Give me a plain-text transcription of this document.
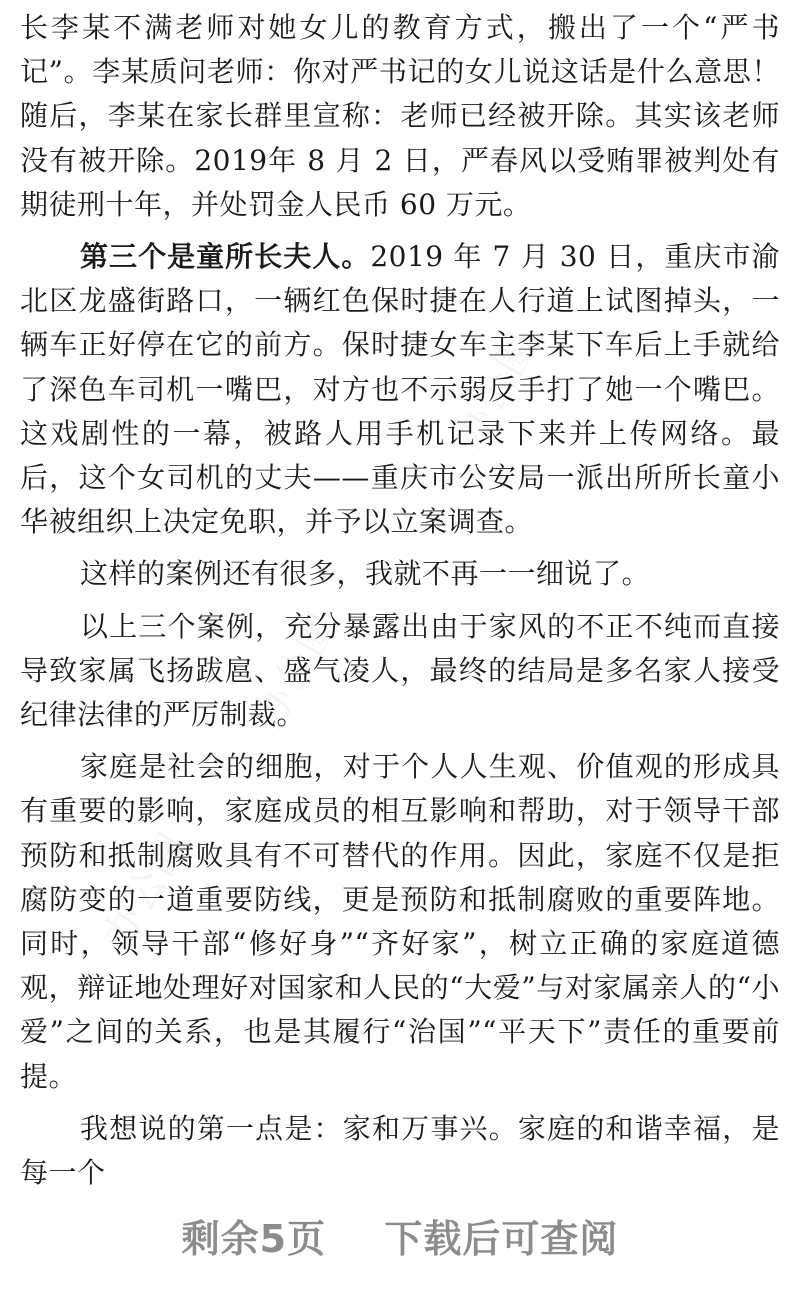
办公圈
办公圈
办公圈

长李某不满老师对她女儿的教育方式，搬出了一个“严书记”。李某质问老师：你对严书记的女儿说这话是什么意思！随后，李某在家长群里宣称：老师已经被开除。其实该老师没有被开除。2019年 8 月 2 日，严春风以受贿罪被判处有期徒刑十年，并处罚金人民币 60 万元。

第三个是童所长夫人。2019 年 7 月 30 日，重庆市渝北区龙盛街路口，一辆红色保时捷在人行道上试图掉头，一辆车正好停在它的前方。保时捷女车主李某下车后上手就给了深色车司机一嘴巴，对方也不示弱反手打了她一个嘴巴。这戏剧性的一幕，被路人用手机记录下来并上传网络。最后，这个女司机的丈夫——重庆市公安局一派出所所长童小华被组织上决定免职，并予以立案调查。

这样的案例还有很多，我就不再一一细说了。

以上三个案例，充分暴露出由于家风的不正不纯而直接导致家属飞扬跋扈、盛气凌人，最终的结局是多名家人接受纪律法律的严厉制裁。

家庭是社会的细胞，对于个人人生观、价值观的形成具有重要的影响，家庭成员的相互影响和帮助，对于领导干部预防和抵制腐败具有不可替代的作用。因此，家庭不仅是拒腐防变的一道重要防线，更是预防和抵制腐败的重要阵地。同时，领导干部“修好身”“齐好家”，树立正确的家庭道德观，辩证地处理好对国家和人民的“大爱”与对家属亲人的“小爱”之间的关系，也是其履行“治国”“平天下”责任的重要前提。

我想说的第一点是：家和万事兴。家庭的和谐幸福，是每一个

剩余5页 下载后可查阅
